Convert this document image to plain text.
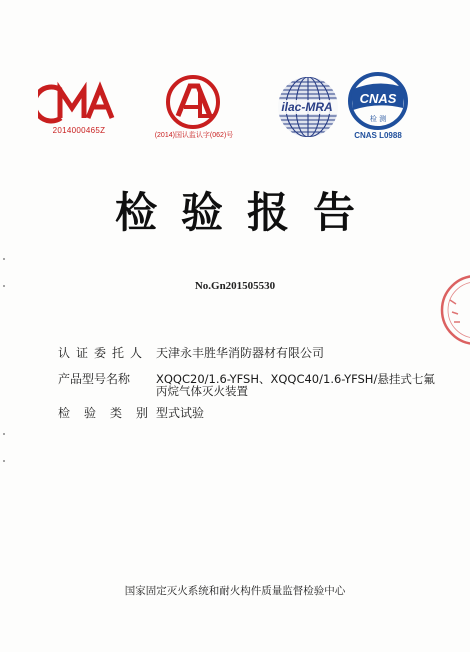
2014000465Z
(2014)国认监认字(062)号
ilac-MRA
CNAS
检 测
CNAS L0988
检验报告
No.Gn201505530
认证委托人 天津永丰胜华消防器材有限公司
产品型号名称	XQQC20/1.6-YFSH、XQQC40/1.6-YFSH/悬挂式七氟丙烷气体灭火装置
检验类别
型式试验
国家固定灭火系统和耐火构件质量监督检验中心
